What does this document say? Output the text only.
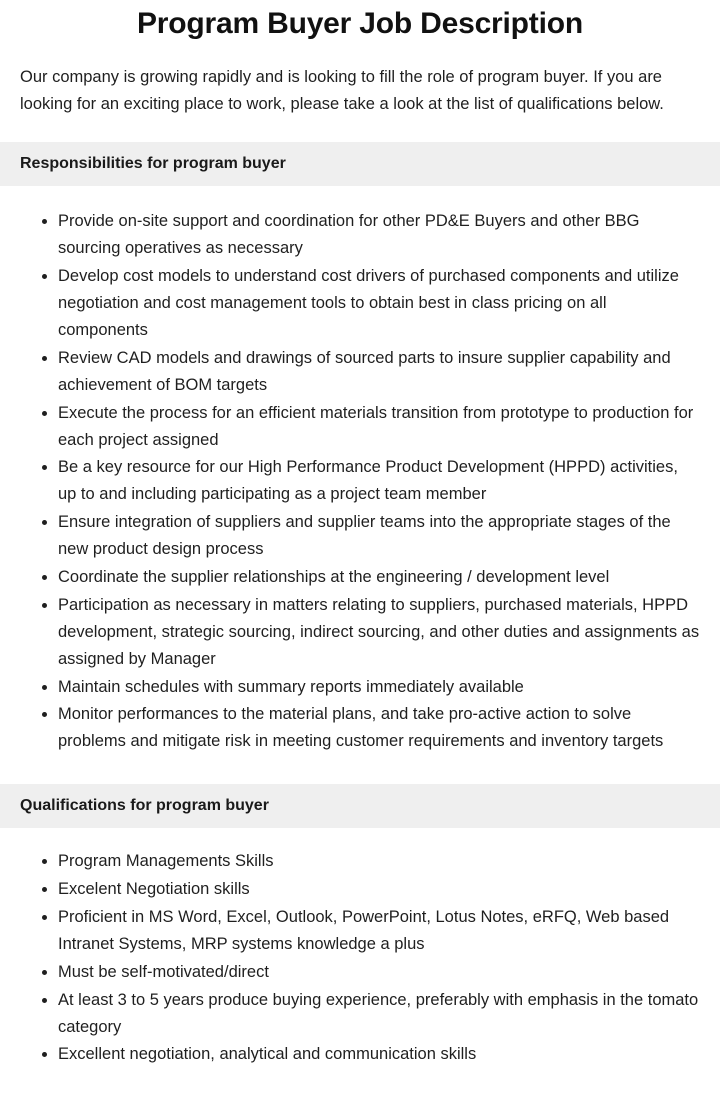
Program Buyer Job Description

Our company is growing rapidly and is looking to fill the role of program buyer. If you are looking for an exciting place to work, please take a look at the list of qualifications below.

Responsibilities for program buyer
Provide on-site support and coordination for other PD&E Buyers and other BBG sourcing operatives as necessary
Develop cost models to understand cost drivers of purchased components and utilize negotiation and cost management tools to obtain best in class pricing on all components
Review CAD models and drawings of sourced parts to insure supplier capability and achievement of BOM targets
Execute the process for an efficient materials transition from prototype to production for each project assigned
Be a key resource for our High Performance Product Development (HPPD) activities, up to and including participating as a project team member
Ensure integration of suppliers and supplier teams into the appropriate stages of the new product design process
Coordinate the supplier relationships at the engineering / development level
Participation as necessary in matters relating to suppliers, purchased materials, HPPD development, strategic sourcing, indirect sourcing, and other duties and assignments as assigned by Manager
Maintain schedules with summary reports immediately available
Monitor performances to the material plans, and take pro-active action to solve problems and mitigate risk in meeting customer requirements and inventory targets
Qualifications for program buyer
Program Managements Skills
Excelent Negotiation skills
Proficient in MS Word, Excel, Outlook, PowerPoint, Lotus Notes, eRFQ, Web based Intranet Systems, MRP systems knowledge a plus
Must be self-motivated/direct
At least 3 to 5 years produce buying experience, preferably with emphasis in the tomato category
Excellent negotiation, analytical and communication skills
